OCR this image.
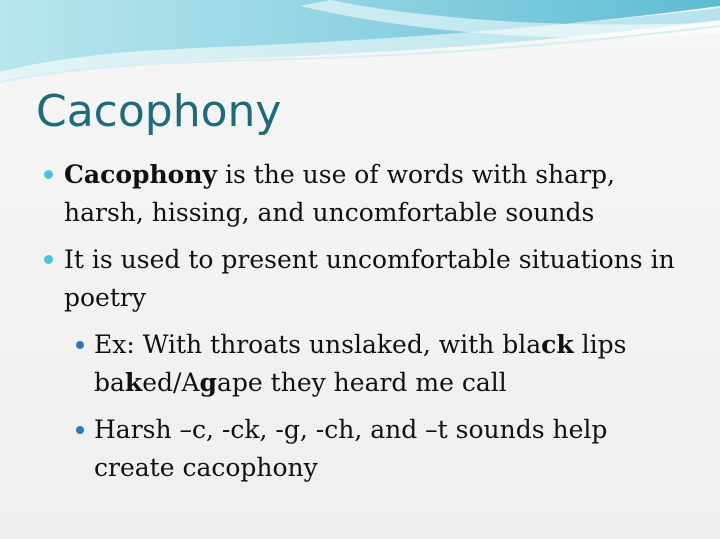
Cacophony
Cacophony is the use of words with sharp, harsh, hissing, and uncomfortable sounds
It is used to present uncomfortable situations in poetry
Ex: With throats unslaked, with black lips baked/Agape they heard me call
Harsh –c, -ck, -g, -ch, and –t sounds help create cacophony
